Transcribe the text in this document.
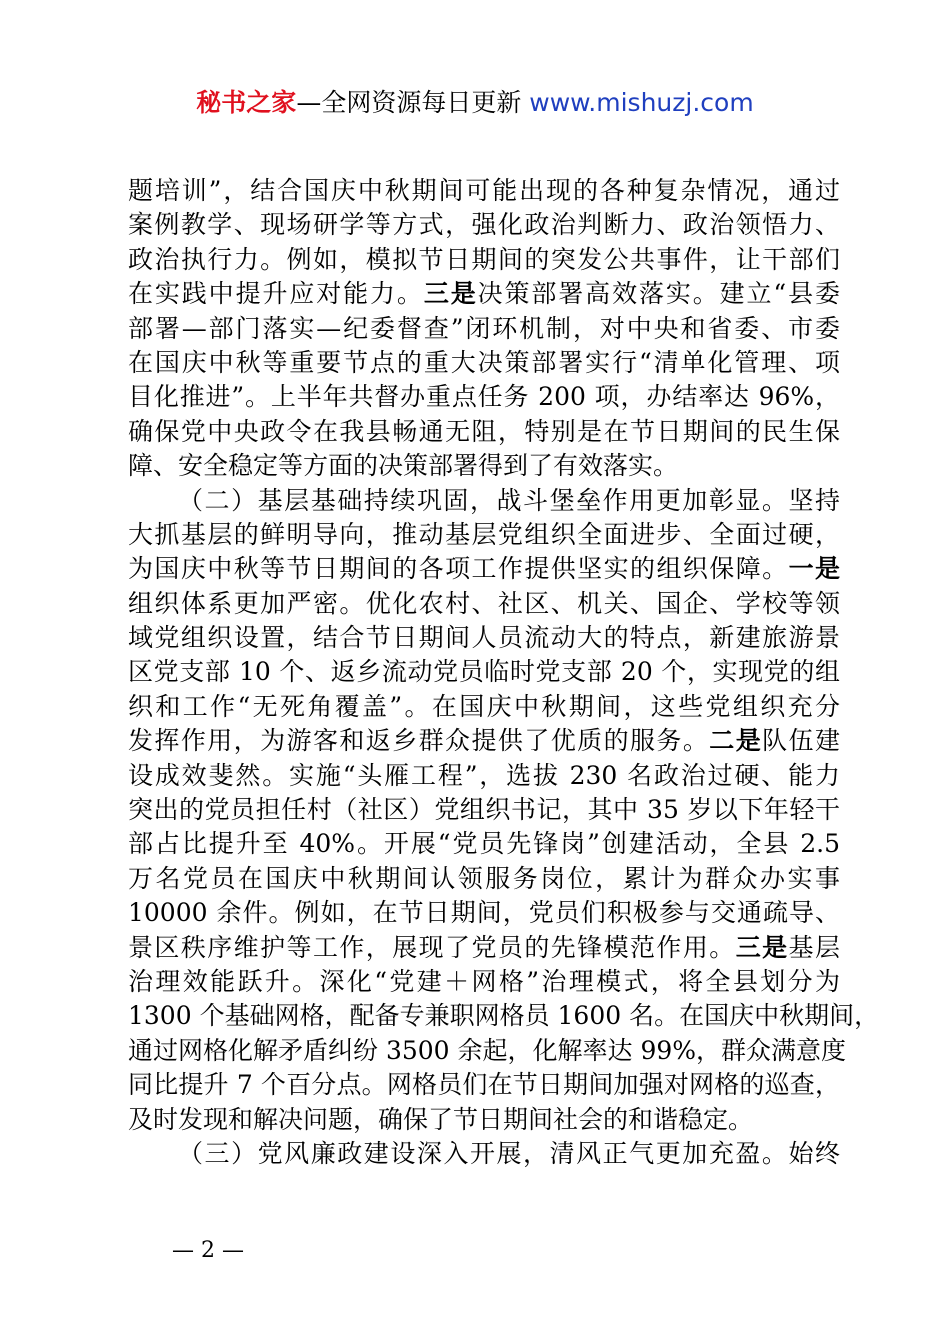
秘书之家—全网资源每日更新 www.mishuzj.com
题培训”，结合国庆中秋期间可能出现的各种复杂情况，通过
案例教学、现场研学等方式，强化政治判断力、政治领悟力、
政治执行力。例如，模拟节日期间的突发公共事件，让干部们
在实践中提升应对能力。三是决策部署高效落实。建立“县委
部署—部门落实—纪委督查”闭环机制，对中央和省委、市委
在国庆中秋等重要节点的重大决策部署实行“清单化管理、项
目化推进”。上半年共督办重点任务 200 项，办结率达 96%，
确保党中央政令在我县畅通无阻，特别是在节日期间的民生保
障、安全稳定等方面的决策部署得到了有效落实。
（二）基层基础持续巩固，战斗堡垒作用更加彰显。坚持
大抓基层的鲜明导向，推动基层党组织全面进步、全面过硬，
为国庆中秋等节日期间的各项工作提供坚实的组织保障。一是
组织体系更加严密。优化农村、社区、机关、国企、学校等领
域党组织设置，结合节日期间人员流动大的特点，新建旅游景
区党支部 10 个、返乡流动党员临时党支部 20 个，实现党的组
织和工作“无死角覆盖”。在国庆中秋期间，这些党组织充分
发挥作用，为游客和返乡群众提供了优质的服务。二是队伍建
设成效斐然。实施“头雁工程”，选拔 230 名政治过硬、能力
突出的党员担任村（社区）党组织书记，其中 35 岁以下年轻干
部占比提升至 40%。开展“党员先锋岗”创建活动，全县 2.5
万名党员在国庆中秋期间认领服务岗位，累计为群众办实事
10000 余件。例如，在节日期间，党员们积极参与交通疏导、
景区秩序维护等工作，展现了党员的先锋模范作用。三是基层
治理效能跃升。深化“党建＋网格”治理模式，将全县划分为
1300 个基础网格，配备专兼职网格员 1600 名。在国庆中秋期间，
通过网格化解矛盾纠纷 3500 余起，化解率达 99%，群众满意度
同比提升 7 个百分点。网格员们在节日期间加强对网格的巡查，
及时发现和解决问题，确保了节日期间社会的和谐稳定。
（三）党风廉政建设深入开展，清风正气更加充盈。始终
— 2 —
